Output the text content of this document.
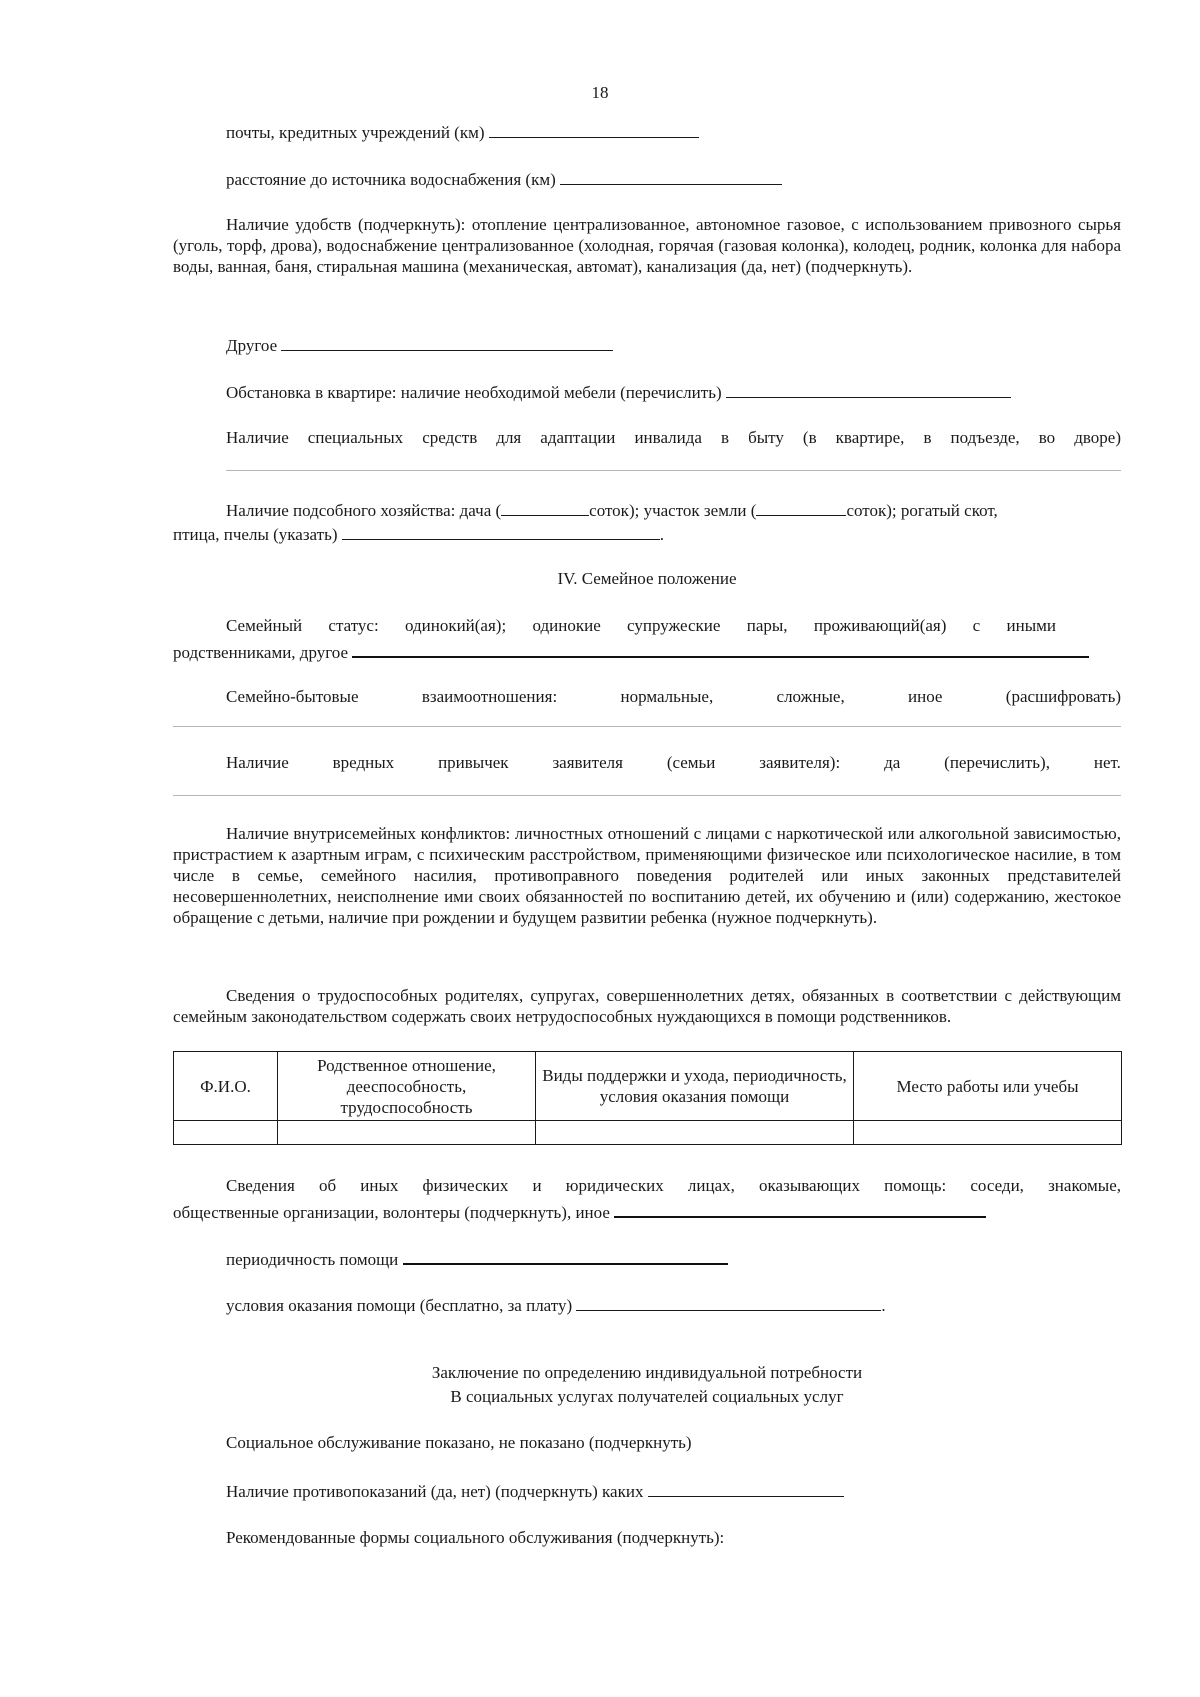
18
почты, кредитных учреждений (км)
расстояние до источника водоснабжения (км)
Наличие удобств (подчеркнуть): отопление централизованное, автономное газовое, с использованием привозного сырья (уголь, торф, дрова), водоснабжение централизованное (холодная, горячая (газовая колонка), колодец, родник, колонка для набора воды, ванная, баня, стиральная машина (механическая, автомат), канализация (да, нет) (подчеркнуть).
Другое
Обстановка в квартире: наличие необходимой мебели (перечислить)
Наличие специальных средств для адаптации инвалида в быту (в квартире, в подъезде, во дворе)
Наличие подсобного хозяйства: дача (	соток); участок земли (	соток); рогатый скот,
птица, пчелы (указать)	.
IV. Семейное положение
Семейный статус: одинокий(ая); одинокие супружеские пары, проживающий(ая) с иными
родственниками, другое
Семейно-бытовые	взаимоотношения:	нормальные,	сложные,	иное	(расшифровать)
Наличие	вредных	привычек	заявителя	(семьи	заявителя):	да	(перечислить),	нет.
Наличие внутрисемейных конфликтов: личностных отношений с лицами с наркотической или алкогольной зависимостью, пристрастием к азартным играм, с психическим расстройством, применяющими физическое или психологическое насилие, в том числе в семье, семейного насилия, противоправного поведения родителей или иных законных представителей несовершеннолетних, неисполнение ими своих обязанностей по воспитанию детей, их обучению и (или) содержанию, жестокое обращение с детьми, наличие при рождении и будущем развитии ребенка (нужное подчеркнуть).
Сведения о трудоспособных родителях, супругах, совершеннолетних детях, обязанных в соответствии с действующим семейным законодательством содержать своих нетрудоспособных нуждающихся в помощи родственников.
Ф.И.О.	Родственное отношение, дееспособность, трудоспособность	Виды поддержки и ухода, периодичность, условия оказания помощи	Место работы или учебы

Сведения об иных физических и юридических лицах, оказывающих помощь: соседи, знакомые,
общественные организации, волонтеры (подчеркнуть), иное
периодичность помощи
условия оказания помощи (бесплатно, за плату)	.
Заключение по определению индивидуальной потребности
В социальных услугах получателей социальных услуг
Социальное обслуживание показано, не показано (подчеркнуть)
Наличие противопоказаний (да, нет) (подчеркнуть) каких
Рекомендованные формы социального обслуживания (подчеркнуть):
